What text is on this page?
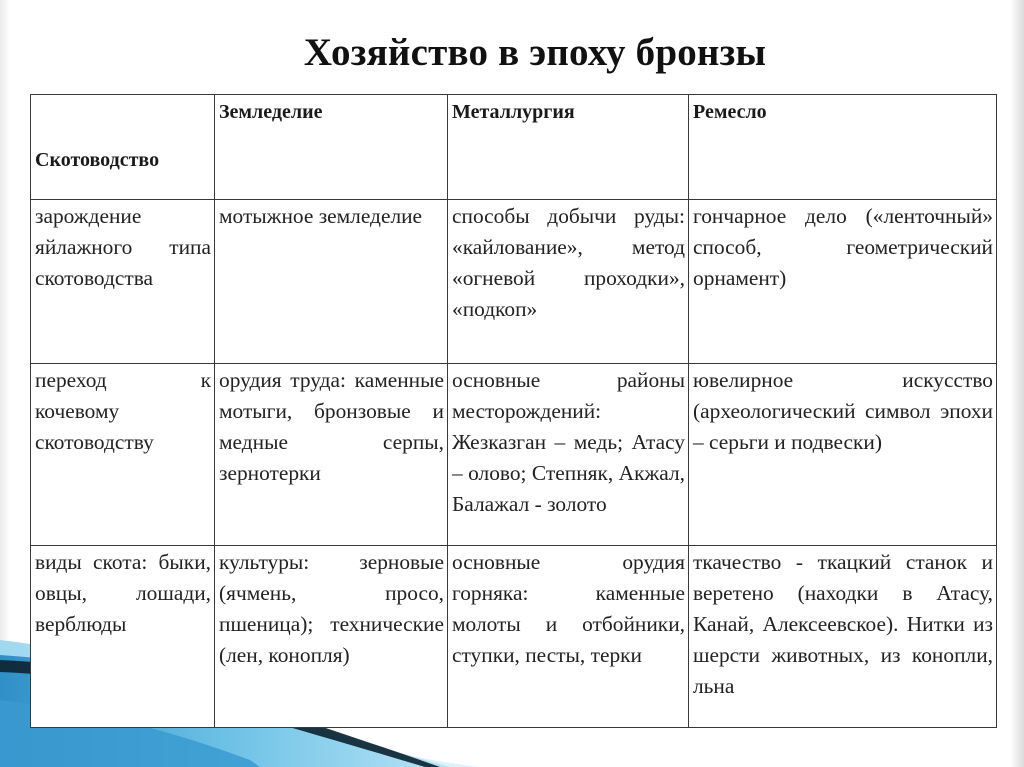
Хозяйство в эпоху бронзы
Скотоводство	Земледелие	Металлургия	Ремесло

зарождение яйлажного типа скотоводства	мотыжное земледелие	способы добычи руды: «кайлование», метод «огневой проходки», «подкоп»	гончарное дело («ленточный» способ, геометрический орнамент)

переход к кочевому скотоводству	орудия труда: каменные мотыги, бронзовые и медные серпы, зернотерки	основные районы месторождений: Жезказган – медь; Атасу – олово; Степняк, Акжал, Балажал - золото	ювелирное искусство (археологический символ эпохи – серьги и подвески)

виды скота: быки, овцы, лошади, верблюды	культуры: зерновые (ячмень, просо, пшеница); технические (лен, конопля)	основные орудия горняка: каменные молоты и отбойники, ступки, песты, терки	ткачество - ткацкий станок и веретено (находки в Атасу, Канай, Алексеевское). Нитки из шерсти животных, из конопли, льна
